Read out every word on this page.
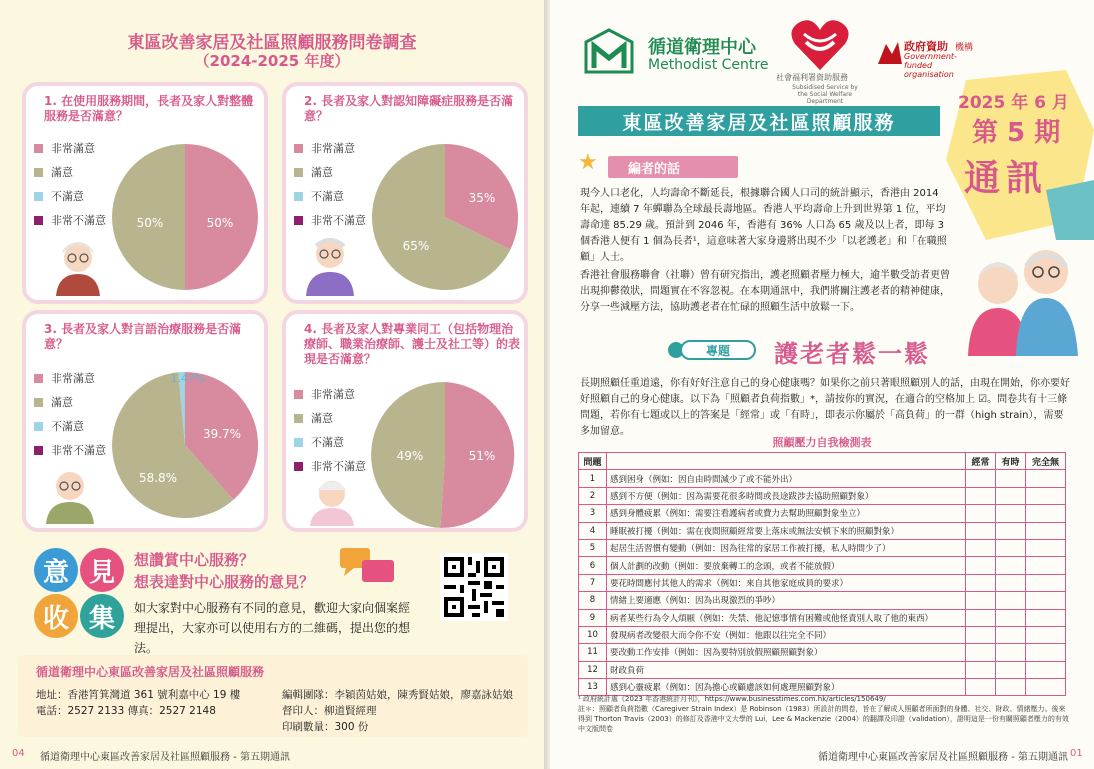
東區改善家居及社區照顧服務問卷調查
（2024-2025 年度）
1. 在使用服務期間，長者及家人對整體服務是否滿意？
非常滿意
滿意
不滿意
非常不滿意	50%
50%
2. 長者及家人對認知障礙症服務是否滿意？
非常滿意
滿意
不滿意
非常不滿意
35%
65%
3. 長者及家人對言語治療服務是否滿意？
非常滿意
滿意
不滿意
非常不滿意
39.7%
58.8%
1.47%
4. 長者及家人對專業同工（包括物理治療師、職業治療師、護士及社工等）的表現是否滿意？
非常滿意
滿意
不滿意
非常不滿意
51%
49%
意 見
收 集
想讚賞中心服務？
想表達對中心服務的意見？
如大家對中心服務有不同的意見，歡迎大家向個案經理提出，大家亦可以使用右方的二維碼，提出您的想法。
循道衛理中心東區改善家居及社區照顧服務
地址：香港筲箕灣道 361 號利嘉中心 19 樓
電話：2527 2133 傳真：2527 2148
編輯團隊：李穎茵姑娘，陳秀賢姑娘，廖嘉詠姑娘
督印人：柳道賢經理
印刷數量：300 份
04 循道衛理中心東區改善家居及社區照顧服務 - 第五期通訊
循道衛理中心
Methodist Centre
社會福利署資助服務
Subsidised Service by the Social Welfare Department
政府資助 機構
Government-funded organisation
2025 年 6 月
第 5 期
通訊
東區改善家居及社區照顧服務
★	編者的話
現今人口老化，人均壽命不斷延長，根據聯合國人口司的統計顯示，香港由 2014 年起，連續 7 年蟬聯為全球最長壽地區。香港人平均壽命上升到世界第 1 位，平均壽命達 85.29 歲。預計到 2046 年，香港有 36% 人口為 65 歲及以上者，即每 3 個香港人便有 1 個為長者¹，這意味著大家身邊將出現不少「以老護老」和「在職照顧」人士。
香港社會服務聯會（社聯）曾有研究指出，護老照顧者壓力極大，逾半數受訪者更曾出現抑鬱徵狀，問題實在不容忽視。在本期通訊中，我們將關注護老者的精神健康，分享一些減壓方法，協助護老者在忙碌的照顧生活中放鬆一下。
專題	護老者鬆一鬆
長期照顧任重道遠，你有好好注意自己的身心健康嗎？如果你之前只著眼照顧別人的話，由現在開始，你亦要好好照顧自己的身心健康。以下為「照顧者負荷指數」*，請按你的實況，在適合的空格加上 ☑。問卷共有十三條問題，若你有七題或以上的答案是「經常」或「有時」，即表示你屬於「高負荷」的一群（high strain），需要多加留意。
照顧壓力自我檢測表
問題		經常	有時	完全無
1	感到困身（例如：因自由時間減少了或不能外出）			
2	感到不方便（例如：因為需要花很多時間或長途跋涉去協助照顧對象）			
3	感到身體疲累（例如：需要注看護病者或費力去幫助照顧對象坐立）			
4	睡眠被打擾（例如：需在夜間照顧經常要上落床或無法安頓下來的照顧對象）			
5	起居生活習慣有變動（例如：因為往常的家居工作被打擾，私人時間少了）			
6	個人計劃的改動（例如：要放棄轉工的念頭，或者不能放假）			
7	要花時間應付其他人的需求（例如：來自其他家庭成員的要求）			
8	情緒上要適應（例如：因為出現激烈的爭吵）			
9	病者某些行為令人煩厭（例如：失禁、他記憶事情有困難或他怪責別人取了他的東西）			
10	發現病者改變很大而令你不安（例如：他跟以往完全不同）			
11	要改動工作安排（例如：因為要特別放假照顧照顧對象）			
12	財政負荷			
13	感到心靈疲累（例如：因為擔心或顧慮該如何處理照顧對象）			
¹ 政府統計處《2023 年香港統計月刊》，https://www.businesstimes.com.hk/articles/150649/
註＊：照顧者負荷指數（Caregiver Strain Index）是 Robinson（1983）所設計的問卷，旨在了解成人照顧者所面對的身體、社交、財政、情緒壓力。後來得到 Thorton Travis（2003）的修訂及香港中文大學的 Lui，Lee & Mackenzie（2004）的翻譯及印證（validation），證明這是一份有關照顧者壓力的有效中文版問卷
循道衛理中心東區改善家居及社區照顧服務 - 第五期通訊 01
